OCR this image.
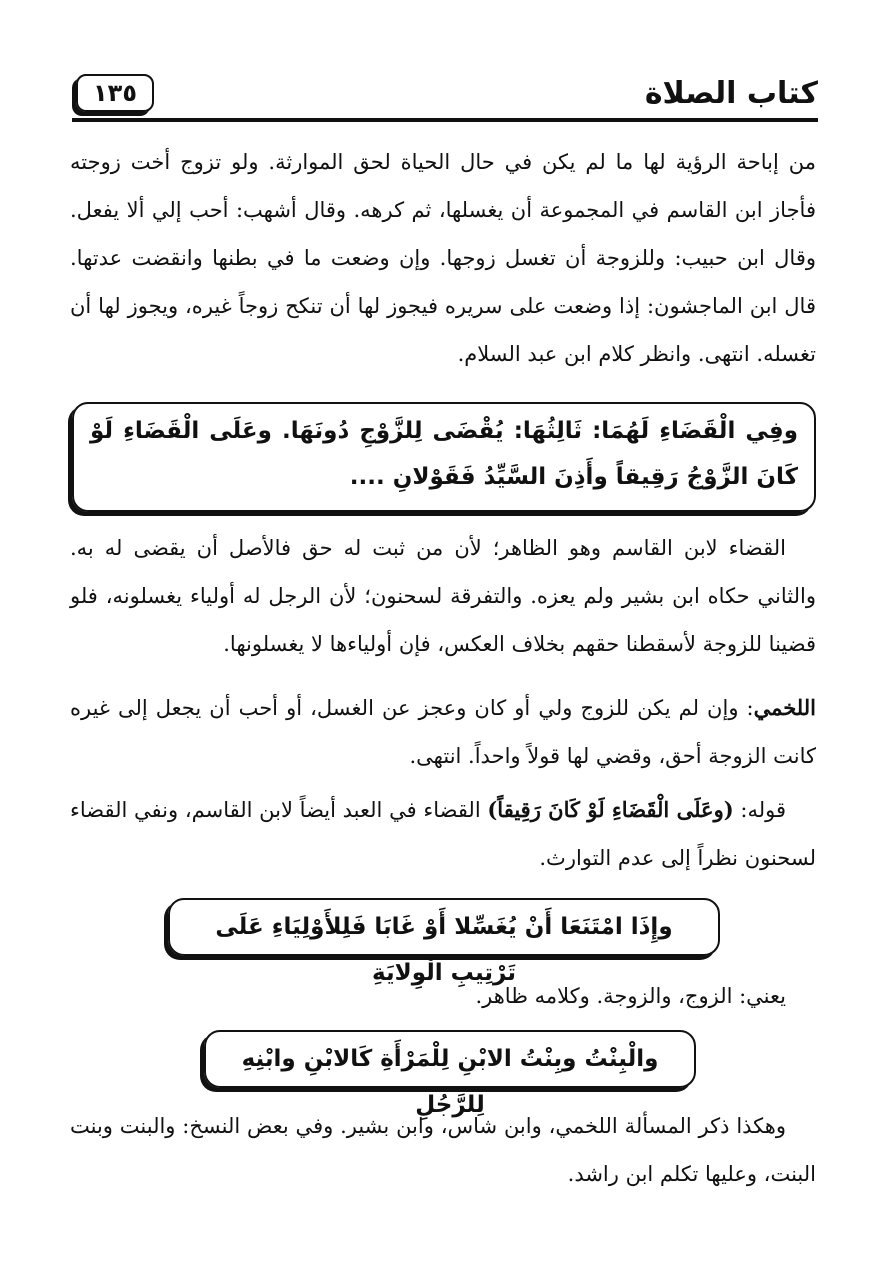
كتاب الصلاة
١٣٥

من إباحة الرؤية لها ما لم يكن في حال الحياة لحق الموارثة. ولو تزوج أخت زوجته فأجاز ابن القاسم في المجموعة أن يغسلها، ثم كرهه. وقال أشهب: أحب إلي ألا يفعل. وقال ابن حبيب: وللزوجة أن تغسل زوجها. وإن وضعت ما في بطنها وانقضت عدتها. قال ابن الماجشون: إذا وضعت على سريره فيجوز لها أن تنكح زوجاً غيره، ويجوز لها أن تغسله. انتهى. وانظر كلام ابن عبد السلام.

وفِي الْقَضَاءِ لَهُمَا: ثَالِثُهَا: يُقْضَى لِلزَّوْجِ دُونَهَا. وعَلَى الْقَضَاءِ لَوْ كَانَ الزَّوْجُ رَقِيقاً وأَذِنَ السَّيِّدُ فَقَوْلانِ ....

القضاء لابن القاسم وهو الظاهر؛ لأن من ثبت له حق فالأصل أن يقضى له به. والثاني حكاه ابن بشير ولم يعزه. والتفرقة لسحنون؛ لأن الرجل له أولياء يغسلونه، فلو قضينا للزوجة لأسقطنا حقهم بخلاف العكس، فإن أولياءها لا يغسلونها.

اللخمي: وإن لم يكن للزوج ولي أو كان وعجز عن الغسل، أو أحب أن يجعل إلى غيره كانت الزوجة أحق، وقضي لها قولاً واحداً. انتهى.

قوله: (وعَلَى الْقَضَاءِ لَوْ كَانَ رَقِيقاً) القضاء في العبد أيضاً لابن القاسم، ونفي القضاء لسحنون نظراً إلى عدم التوارث.

وإِذَا امْتَنَعَا أَنْ يُغَسِّلا أَوْ غَابَا فَلِلأَوْلِيَاءِ عَلَى تَرْتِيبِ الْوِلايَةِ

يعني: الزوج، والزوجة. وكلامه ظاهر.

والْبِنْتُ وبِنْتُ الابْنِ لِلْمَرْأَةِ كَالابْنِ وابْنِهِ لِلرَّجُلِ

وهكذا ذكر المسألة اللخمي، وابن شاس، وابن بشير. وفي بعض النسخ: والبنت وبنت البنت، وعليها تكلم ابن راشد.
